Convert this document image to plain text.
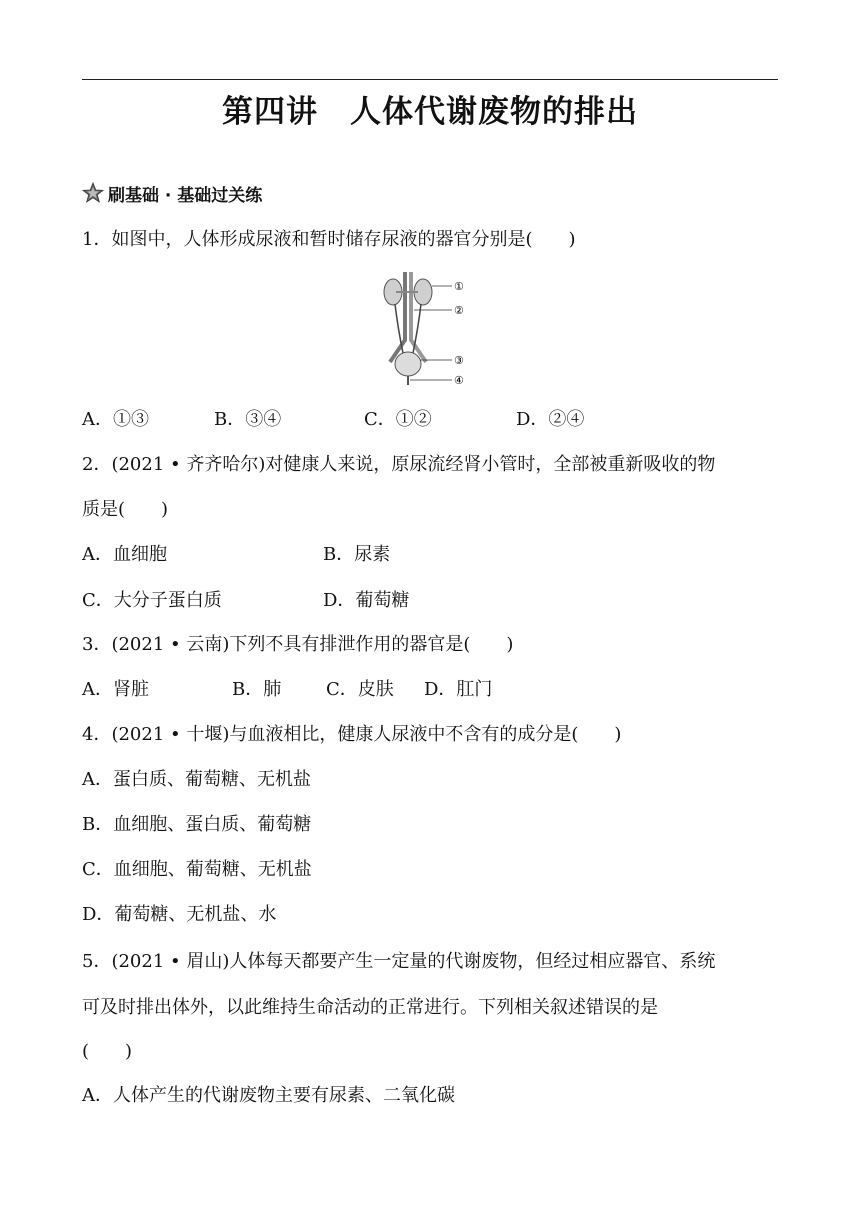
第四讲　人体代谢废物的排出
刷基础 · 基础过关练
1．如图中，人体形成尿液和暂时储存尿液的器官分别是(　　)
①
②
③
④
A．①③	B．③④	C．①②	D．②④
2．(2021 • 齐齐哈尔)对健康人来说，原尿流经肾小管时，全部被重新吸收的物
质是(　　)
A．血细胞	B．尿素
C．大分子蛋白质	D．葡萄糖
3．(2021 • 云南)下列不具有排泄作用的器官是(　　)
A．肾脏	B．肺 C．皮肤 D．肛门
4．(2021 • 十堰)与血液相比，健康人尿液中不含有的成分是(　　)
A．蛋白质、葡萄糖、无机盐
B．血细胞、蛋白质、葡萄糖
C．血细胞、葡萄糖、无机盐
D．葡萄糖、无机盐、水
5．(2021 • 眉山)人体每天都要产生一定量的代谢废物，但经过相应器官、系统
可及时排出体外，以此维持生命活动的正常进行。下列相关叙述错误的是
(　　)
A．人体产生的代谢废物主要有尿素、二氧化碳
